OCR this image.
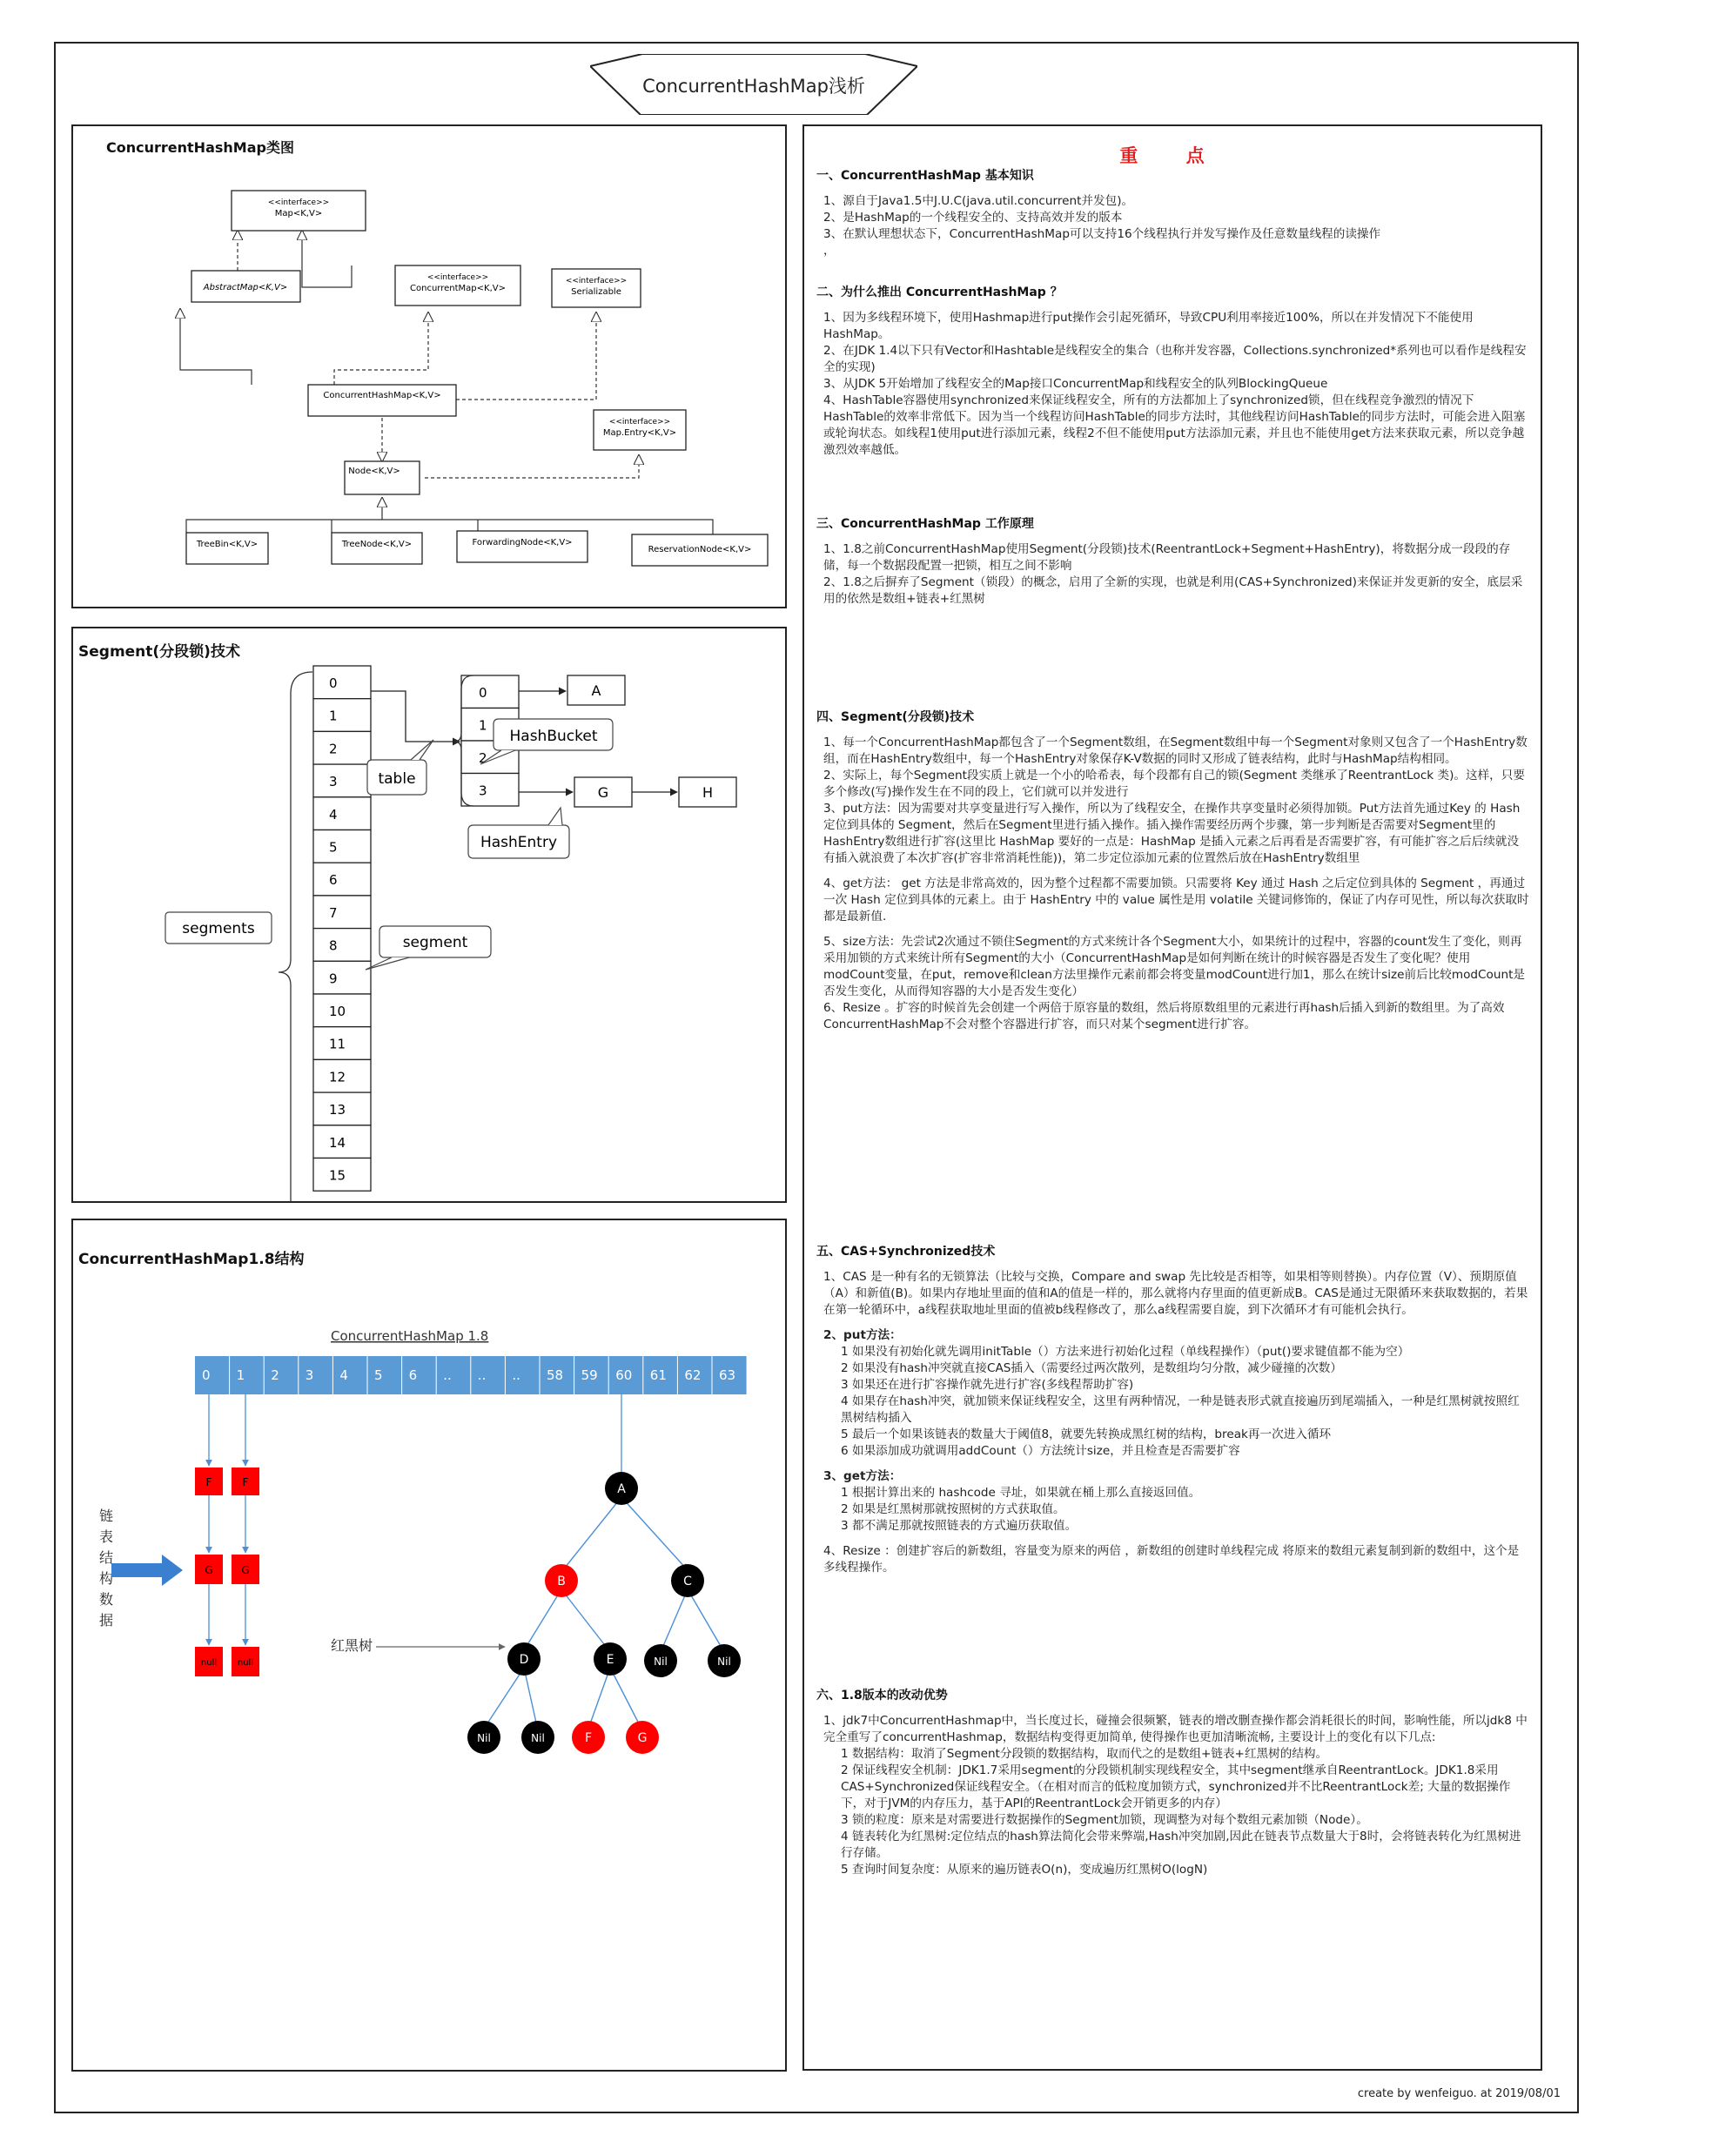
ConcurrentHashMap浅析
ConcurrentHashMap类图
<<interface>>
Map<K,V>
AbstractMap<K,V>
<<interface>>
ConcurrentMap<K,V>
<<interface>>
Serializable
ConcurrentHashMap<K,V>
<<interface>>
Map.Entry<K,V>
Node<K,V>
TreeBin<K,V>	TreeNode<K,V>	ForwardingNode<K,V>
ReservationNode<K,V>
Segment(分段锁)技术
0
1
2
3
4
5
6
7
8
9
10
11
12
13
14
15
0
1
2
3
A
G	H
table
HashBucket
HashEntry
segments
segment
ConcurrentHashMap1.8结构
ConcurrentHashMap 1.8
0 1 2 3 4 5 6 .. .. .. 58 59 60 61 62 63
F	F
G	G
null null
链表结构数据
红黑树
A
B	C
D	E	Nil	Nil
Nil	Nil	F	G
重 点

一、ConcurrentHashMap 基本知识

1、源自于Java1.5中J.U.C(java.util.concurrent并发包)。

2、是HashMap的一个线程安全的、支持高效并发的版本

3、在默认理想状态下，ConcurrentHashMap可以支持16个线程执行并发写操作及任意数量线程的读操作

，

二、为什么推出 ConcurrentHashMap ？

1、因为多线程环境下，使用Hashmap进行put操作会引起死循环，导致CPU利用率接近100%，所以在并发情况下不能使用HashMap。

2、在JDK 1.4以下只有Vector和Hashtable是线程安全的集合（也称并发容器，Collections.synchronized*系列也可以看作是线程安全的实现)

3、从JDK 5开始增加了线程安全的Map接口ConcurrentMap和线程安全的队列BlockingQueue

4、HashTable容器使用synchronized来保证线程安全，所有的方法都加上了synchronized锁，但在线程竞争激烈的情况下HashTable的效率非常低下。因为当一个线程访问HashTable的同步方法时，其他线程访问HashTable的同步方法时，可能会进入阻塞或轮询状态。如线程1使用put进行添加元素，线程2不但不能使用put方法添加元素，并且也不能使用get方法来获取元素，所以竞争越激烈效率越低。

三、ConcurrentHashMap 工作原理

1、1.8之前ConcurrentHashMap使用Segment(分段锁)技术(ReentrantLock+Segment+HashEntry)，将数据分成一段段的存储，每一个数据段配置一把锁，相互之间不影响

2、1.8之后摒弃了Segment（锁段）的概念，启用了全新的实现，也就是利用(CAS+Synchronized)来保证并发更新的安全，底层采用的依然是数组+链表+红黑树

四、Segment(分段锁)技术

1、每一个ConcurrentHashMap都包含了一个Segment数组，在Segment数组中每一个Segment对象则又包含了一个HashEntry数组，而在HashEntry数组中，每一个HashEntry对象保存K-V数据的同时又形成了链表结构，此时与HashMap结构相同。

2、实际上，每个Segment段实质上就是一个小的哈希表，每个段都有自己的锁(Segment 类继承了ReentrantLock 类)。这样，只要多个修改(写)操作发生在不同的段上，它们就可以并发进行

3、put方法：因为需要对共享变量进行写入操作，所以为了线程安全，在操作共享变量时必须得加锁。Put方法首先通过Key 的 Hash 定位到具体的 Segment，然后在Segment里进行插入操作。插入操作需要经历两个步骤，第一步判断是否需要对Segment里的HashEntry数组进行扩容(这里比 HashMap 要好的一点是：HashMap 是插入元素之后再看是否需要扩容，有可能扩容之后后续就没有插入就浪费了本次扩容(扩容非常消耗性能))，第二步定位添加元素的位置然后放在HashEntry数组里

4、get方法： get 方法是非常高效的，因为整个过程都不需要加锁。只需要将 Key 通过 Hash 之后定位到具体的 Segment ，再通过一次 Hash 定位到具体的元素上。由于 HashEntry 中的 value 属性是用 volatile 关键词修饰的，保证了内存可见性，所以每次获取时都是最新值.

5、size方法：先尝试2次通过不锁住Segment的方式来统计各个Segment大小，如果统计的过程中，容器的count发生了变化，则再采用加锁的方式来统计所有Segment的大小（ConcurrentHashMap是如何判断在统计的时候容器是否发生了变化呢？使用modCount变量，在put，remove和clean方法里操作元素前都会将变量modCount进行加1，那么在统计size前后比较modCount是否发生变化，从而得知容器的大小是否发生变化）

6、Resize 。扩容的时候首先会创建一个两倍于原容量的数组，然后将原数组里的元素进行再hash后插入到新的数组里。为了高效ConcurrentHashMap不会对整个容器进行扩容，而只对某个segment进行扩容。

五、CAS+Synchronized技术

1、CAS 是一种有名的无锁算法（比较与交换，Compare and swap 先比较是否相等，如果相等则替换）。内存位置（V）、预期原值（A）和新值(B)。如果内存地址里面的值和A的值是一样的，那么就将内存里面的值更新成B。CAS是通过无限循环来获取数据的，若果在第一轮循环中，a线程获取地址里面的值被b线程修改了，那么a线程需要自旋，到下次循环才有可能机会执行。

2、put方法：

1 如果没有初始化就先调用initTable（）方法来进行初始化过程（单线程操作）（put()要求键值都不能为空）

2 如果没有hash冲突就直接CAS插入（需要经过两次散列，是数组均匀分散，减少碰撞的次数）

3 如果还在进行扩容操作就先进行扩容(多线程帮助扩容)

4 如果存在hash冲突，就加锁来保证线程安全，这里有两种情况，一种是链表形式就直接遍历到尾端插入，一种是红黑树就按照红黑树结构插入

5 最后一个如果该链表的数量大于阈值8，就要先转换成黑红树的结构，break再一次进入循环

6 如果添加成功就调用addCount（）方法统计size，并且检查是否需要扩容

3、get方法：

1 根据计算出来的 hashcode 寻址，如果就在桶上那么直接返回值。

2 如果是红黑树那就按照树的方式获取值。

3 都不满足那就按照链表的方式遍历获取值。

4、Resize ：创建扩容后的新数组，容量变为原来的两倍 ，新数组的创建时单线程完成 将原来的数组元素复制到新的数组中，这个是多线程操作。

六、1.8版本的改动优势

1、jdk7中ConcurrentHashmap中，当长度过长，碰撞会很频繁，链表的增改删查操作都会消耗很长的时间，影响性能，所以jdk8 中完全重写了concurrentHashmap，数据结构变得更加简单, 使得操作也更加清晰流畅, 主要设计上的变化有以下几点:

1 数据结构：取消了Segment分段锁的数据结构，取而代之的是数组+链表+红黑树的结构。

2 保证线程安全机制：JDK1.7采用segment的分段锁机制实现线程安全，其中segment继承自ReentrantLock。JDK1.8采用CAS+Synchronized保证线程安全。（在相对而言的低粒度加锁方式，synchronized并不比ReentrantLock差; 大量的数据操作下，对于JVM的内存压力，基于API的ReentrantLock会开销更多的内存）

3 锁的粒度：原来是对需要进行数据操作的Segment加锁，现调整为对每个数组元素加锁（Node）。

4 链表转化为红黑树:定位结点的hash算法简化会带来弊端,Hash冲突加剧,因此在链表节点数量大于8时，会将链表转化为红黑树进行存储。

5 查询时间复杂度：从原来的遍历链表O(n)，变成遍历红黑树O(logN)

create by wenfeiguo. at 2019/08/01
